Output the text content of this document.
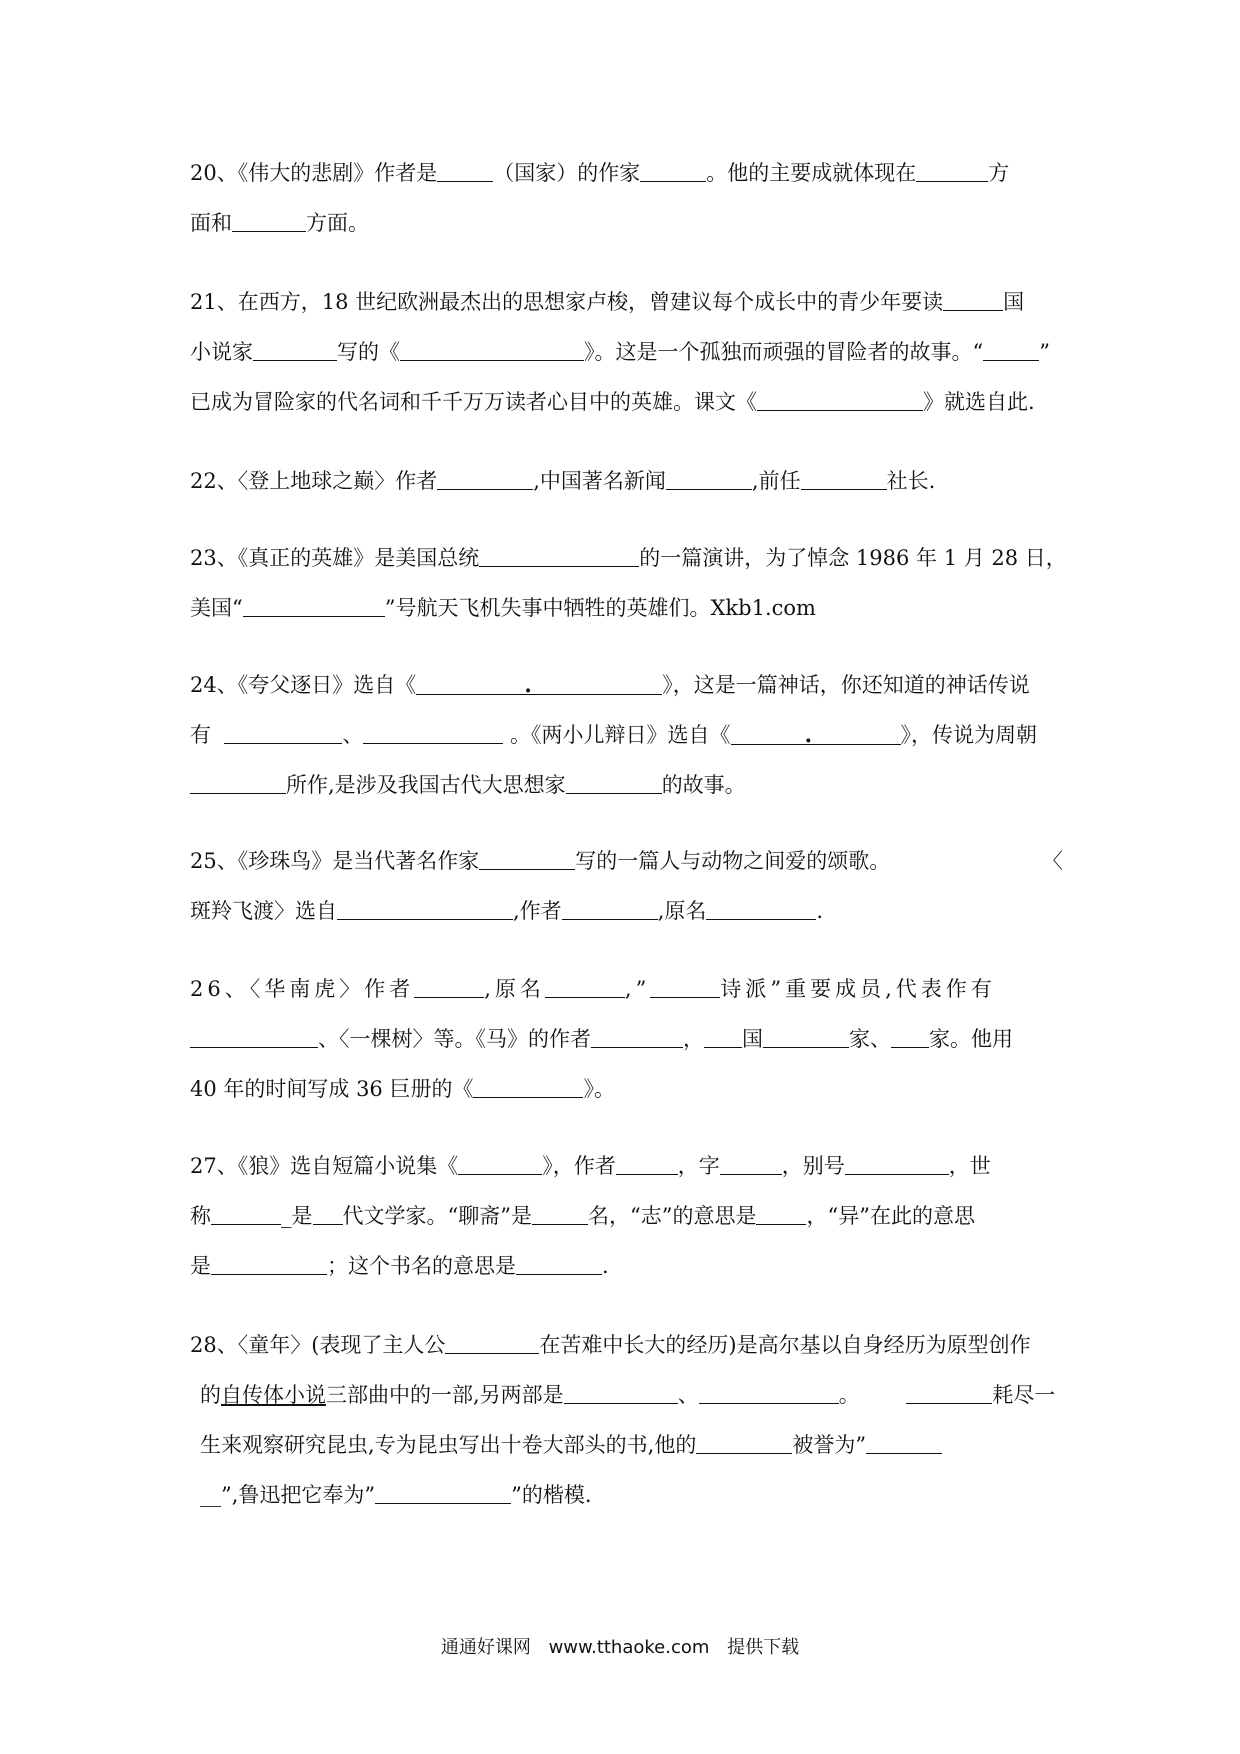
20、《伟大的悲剧》作者是	（国家）的作家	。他的主要成就体现在	方
面和	方面。
21、在西方，18 世纪欧洲最杰出的思想家卢梭，曾建议每个成长中的青少年要读	国
小说家	写的《	》。这是一个孤独而顽强的冒险者的故事。“	”
已成为冒险家的代名词和千千万万读者心目中的英雄。课文《	》就选自此.
22、〈登上地球之巅〉作者	,中国著名新闻	,前任	社长.
23、《真正的英雄》是美国总统	的一篇演讲，为了悼念 1986 年 1 月 28 日，
美国“	”号航天飞机失事中牺牲的英雄们。Xkb1.com
24、《夸父逐日》选自《	》，这是一篇神话，你还知道的神话传说
有	、	。《两小儿辩日》选自《	》，传说为周朝
所作,是涉及我国古代大思想家	的故事。
25、《珍珠鸟》是当代著名作家	写的一篇人与动物之间爱的颂歌。	〈
斑羚飞渡〉选自	,作者	,原名	.
26、〈华南虎〉作者	,原名	,”	诗派”重要成员,代表作有
、〈一棵树〉等。《马》的作者	， 国	家、 家。他用
40 年的时间写成 36 巨册的《	》。
27、《狼》选自短篇小说集《	》，作者	，字	，别号	，世
称	_是 代文学家。“聊斋”是	名，“志”的意思是 ，“异”在此的意思
是	；这个书名的意思是	.
28、〈童年〉(表现了主人公	在苦难中长大的经历)是高尔基以自身经历为原型创作
的自传体小说三部曲中的一部,另两部是	、	。	耗尽一
生来观察研究昆虫,专为昆虫写出十卷大部头的书,他的	被誉为”
__”,鲁迅把它奉为”	”的楷模.
通通好课网 www.tthaoke.com 提供下载
